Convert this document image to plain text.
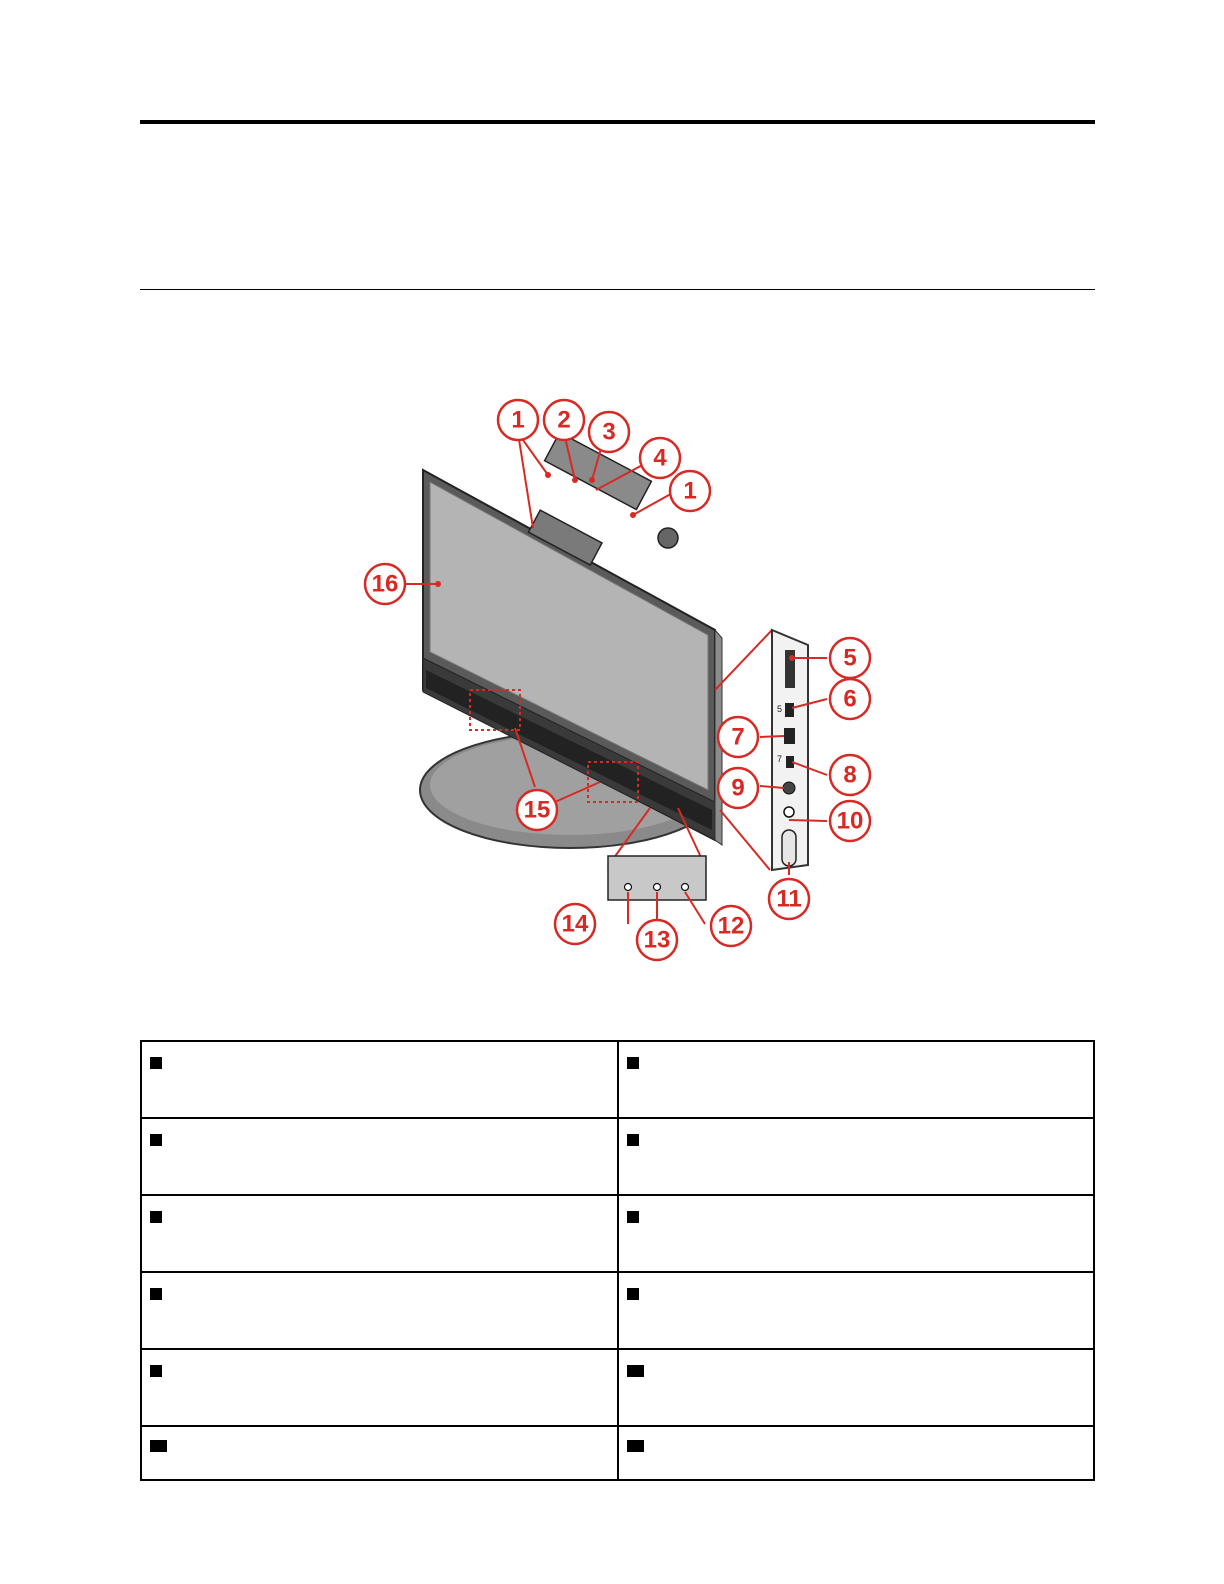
5
7
1 2 3
4
1
16
5
6
7
8
9
10
11
14
13
12
15
1	2
3	4
5	6
7	8
9	10
11	12
